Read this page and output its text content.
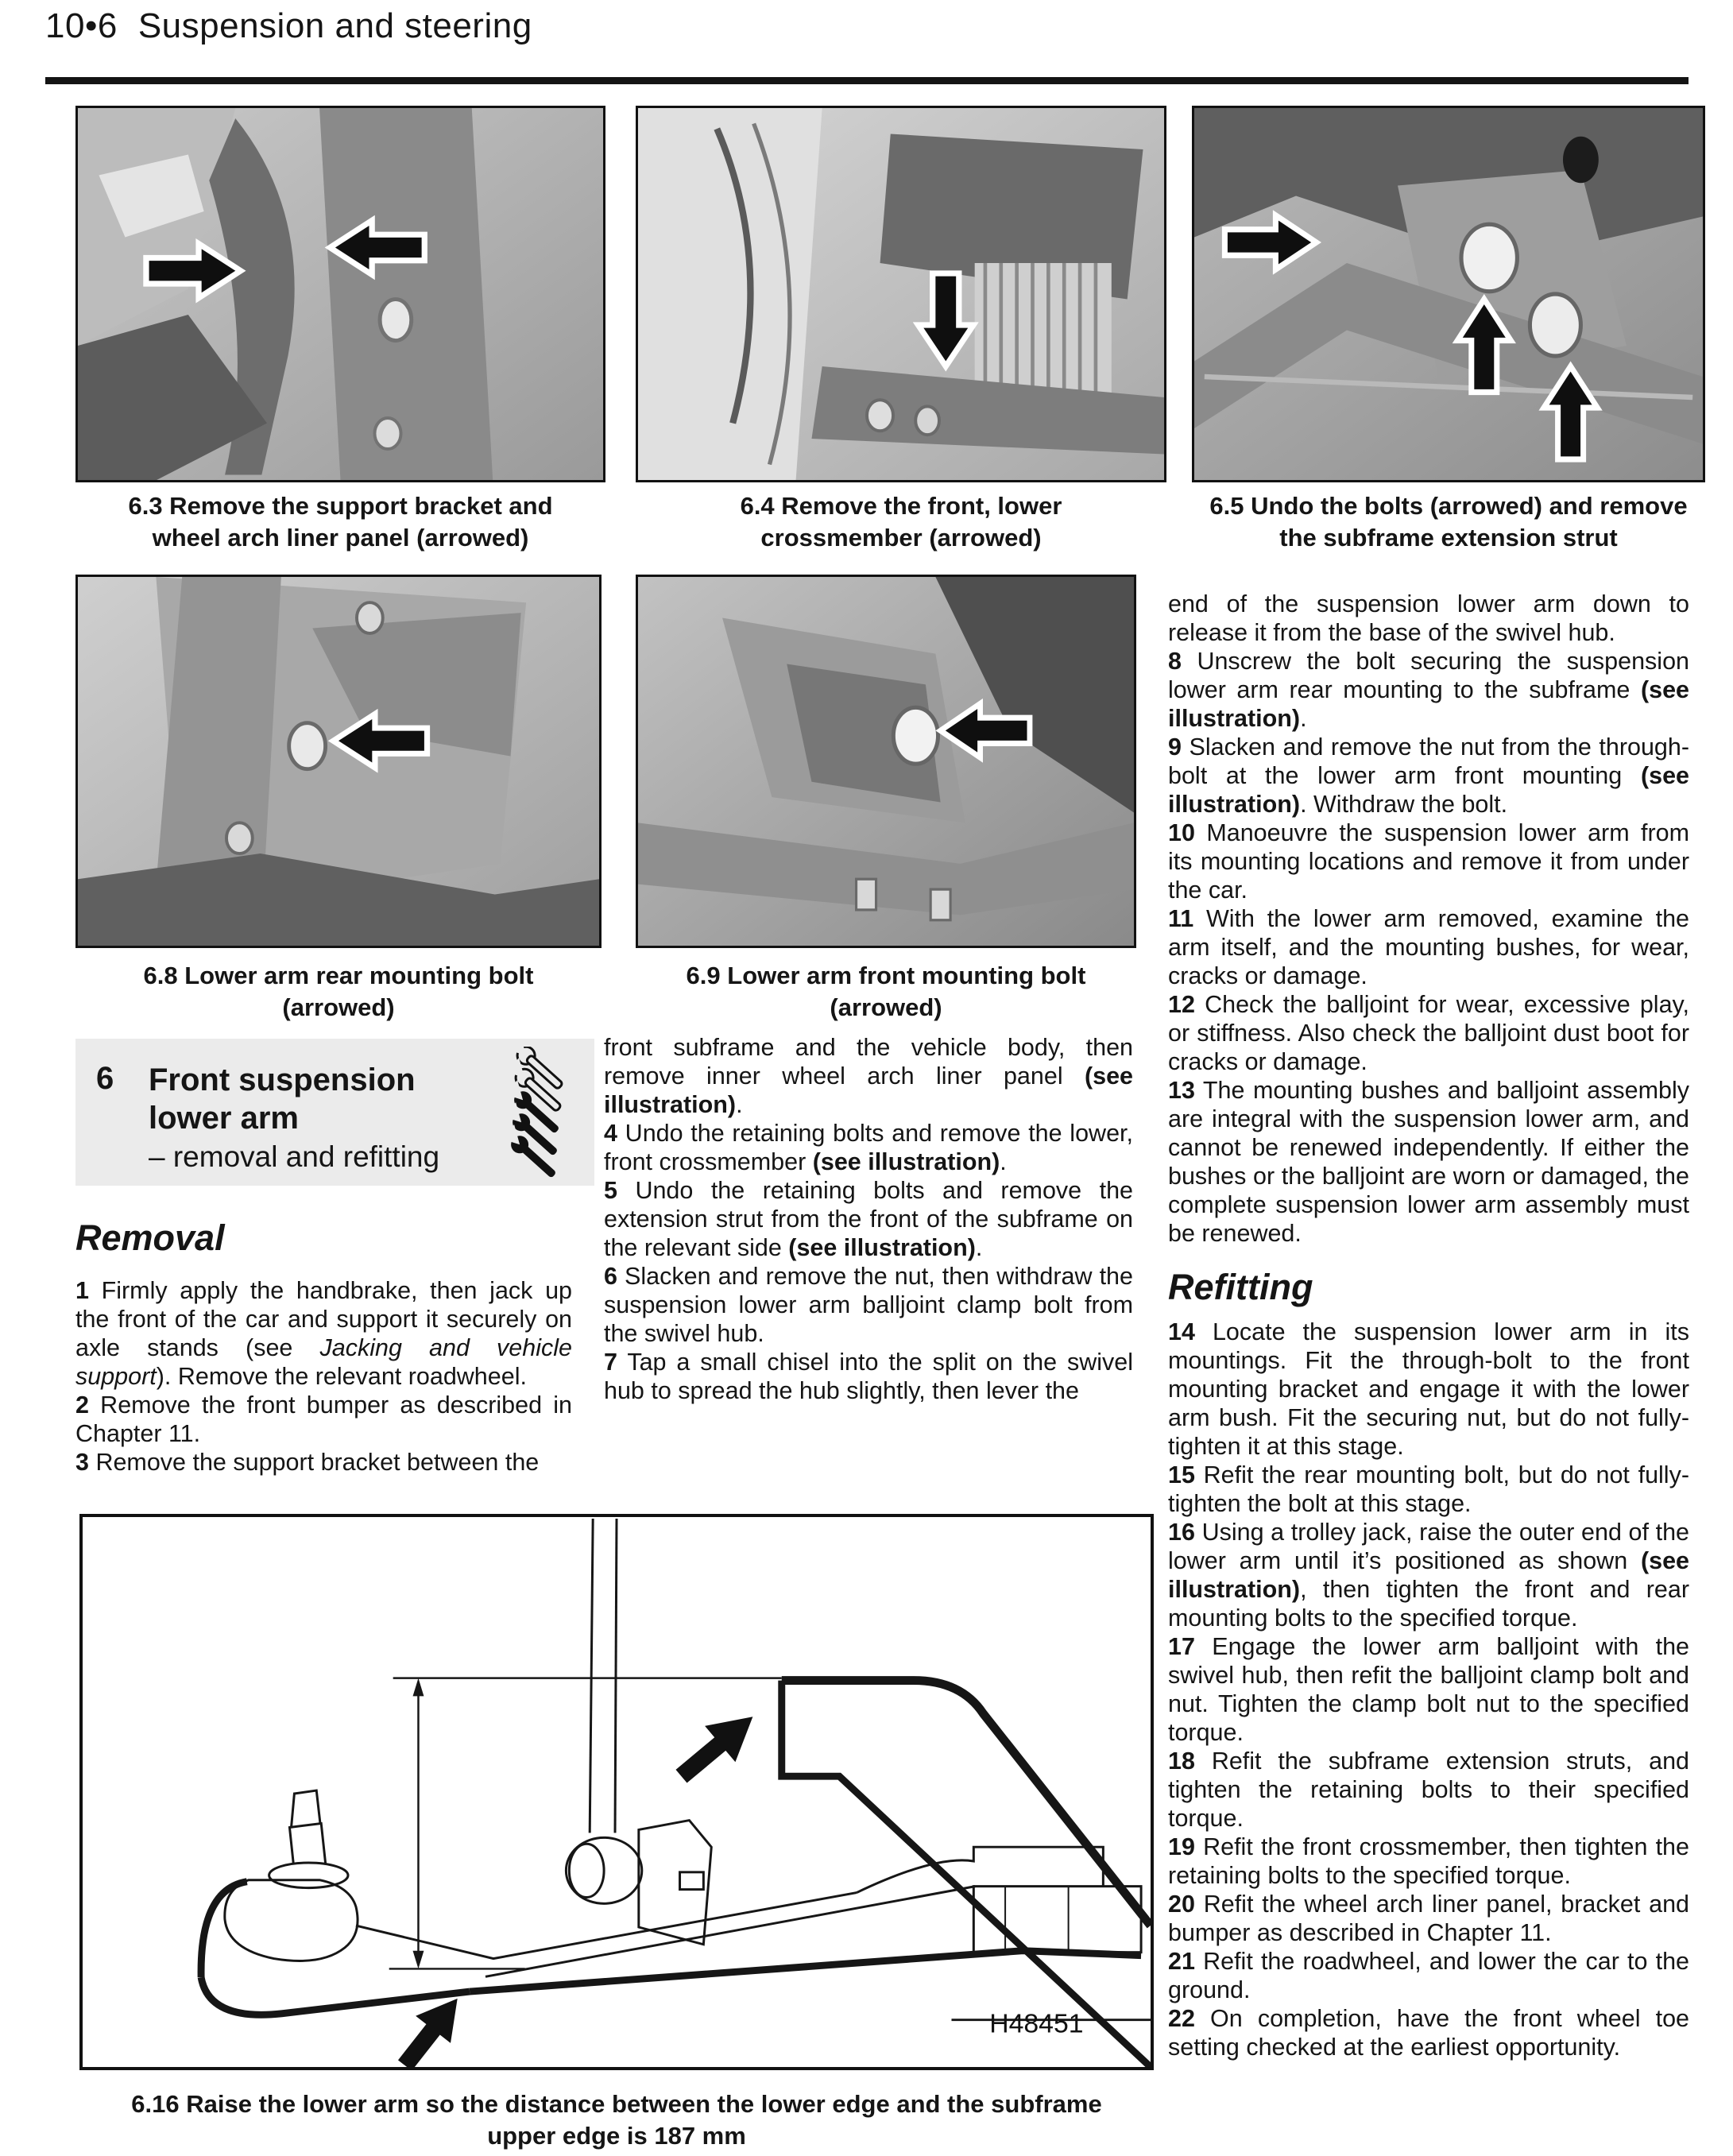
10•6 Suspension and steering
6.3 Remove the support bracket and wheel arch liner panel (arrowed)
6.4 Remove the front, lower crossmember (arrowed)
6.5 Undo the bolts (arrowed) and remove the subframe extension strut
6.8 Lower arm rear mounting bolt (arrowed)
6.9 Lower arm front mounting bolt (arrowed)
6 Front suspension lower arm
– removal and refitting
Removal

1 Firmly apply the handbrake, then jack up the front of the car and support it securely on axle stands (see Jacking and vehicle support). Remove the relevant roadwheel.

2 Remove the front bumper as described in Chapter 11.

3 Remove the support bracket between the

front subframe and the vehicle body, then remove inner wheel arch liner panel (see illustration).

4 Undo the retaining bolts and remove the lower, front crossmember (see illustration).

5 Undo the retaining bolts and remove the extension strut from the front of the subframe on the relevant side (see illustration).

6 Slacken and remove the nut, then withdraw the suspension lower arm balljoint clamp bolt from the swivel hub.

7 Tap a small chisel into the split on the swivel hub to spread the hub slightly, then lever the

end of the suspension lower arm down to release it from the base of the swivel hub.

8 Unscrew the bolt securing the suspension lower arm rear mounting to the subframe (see illustration).

9 Slacken and remove the nut from the through-bolt at the lower arm front mounting (see illustration). Withdraw the bolt.

10 Manoeuvre the suspension lower arm from its mounting locations and remove it from under the car.

11 With the lower arm removed, examine the arm itself, and the mounting bushes, for wear, cracks or damage.

12 Check the balljoint for wear, excessive play, or stiffness. Also check the balljoint dust boot for cracks or damage.

13 The mounting bushes and balljoint assembly are integral with the suspension lower arm, and cannot be renewed independently. If either the bushes or the balljoint are worn or damaged, the complete suspension lower arm assembly must be renewed.

Refitting

14 Locate the suspension lower arm in its mountings. Fit the through-bolt to the front mounting bracket and engage it with the lower arm bush. Fit the securing nut, but do not fully-tighten it at this stage.

15 Refit the rear mounting bolt, but do not fully-tighten the bolt at this stage.

16 Using a trolley jack, raise the outer end of the lower arm until it’s positioned as shown (see illustration), then tighten the front and rear mounting bolts to the specified torque.

17 Engage the lower arm balljoint with the swivel hub, then refit the balljoint clamp bolt and nut. Tighten the clamp bolt nut to the specified torque.

18 Refit the subframe extension struts, and tighten the retaining bolts to their specified torque.

19 Refit the front crossmember, then tighten the retaining bolts to the specified torque.

20 Refit the wheel arch liner panel, bracket and bumper as described in Chapter 11.

21 Refit the roadwheel, and lower the car to the ground.

22 On completion, have the front wheel toe setting checked at the earliest opportunity.

H48451
6.16 Raise the lower arm so the distance between the lower edge and the subframe upper edge is 187 mm
